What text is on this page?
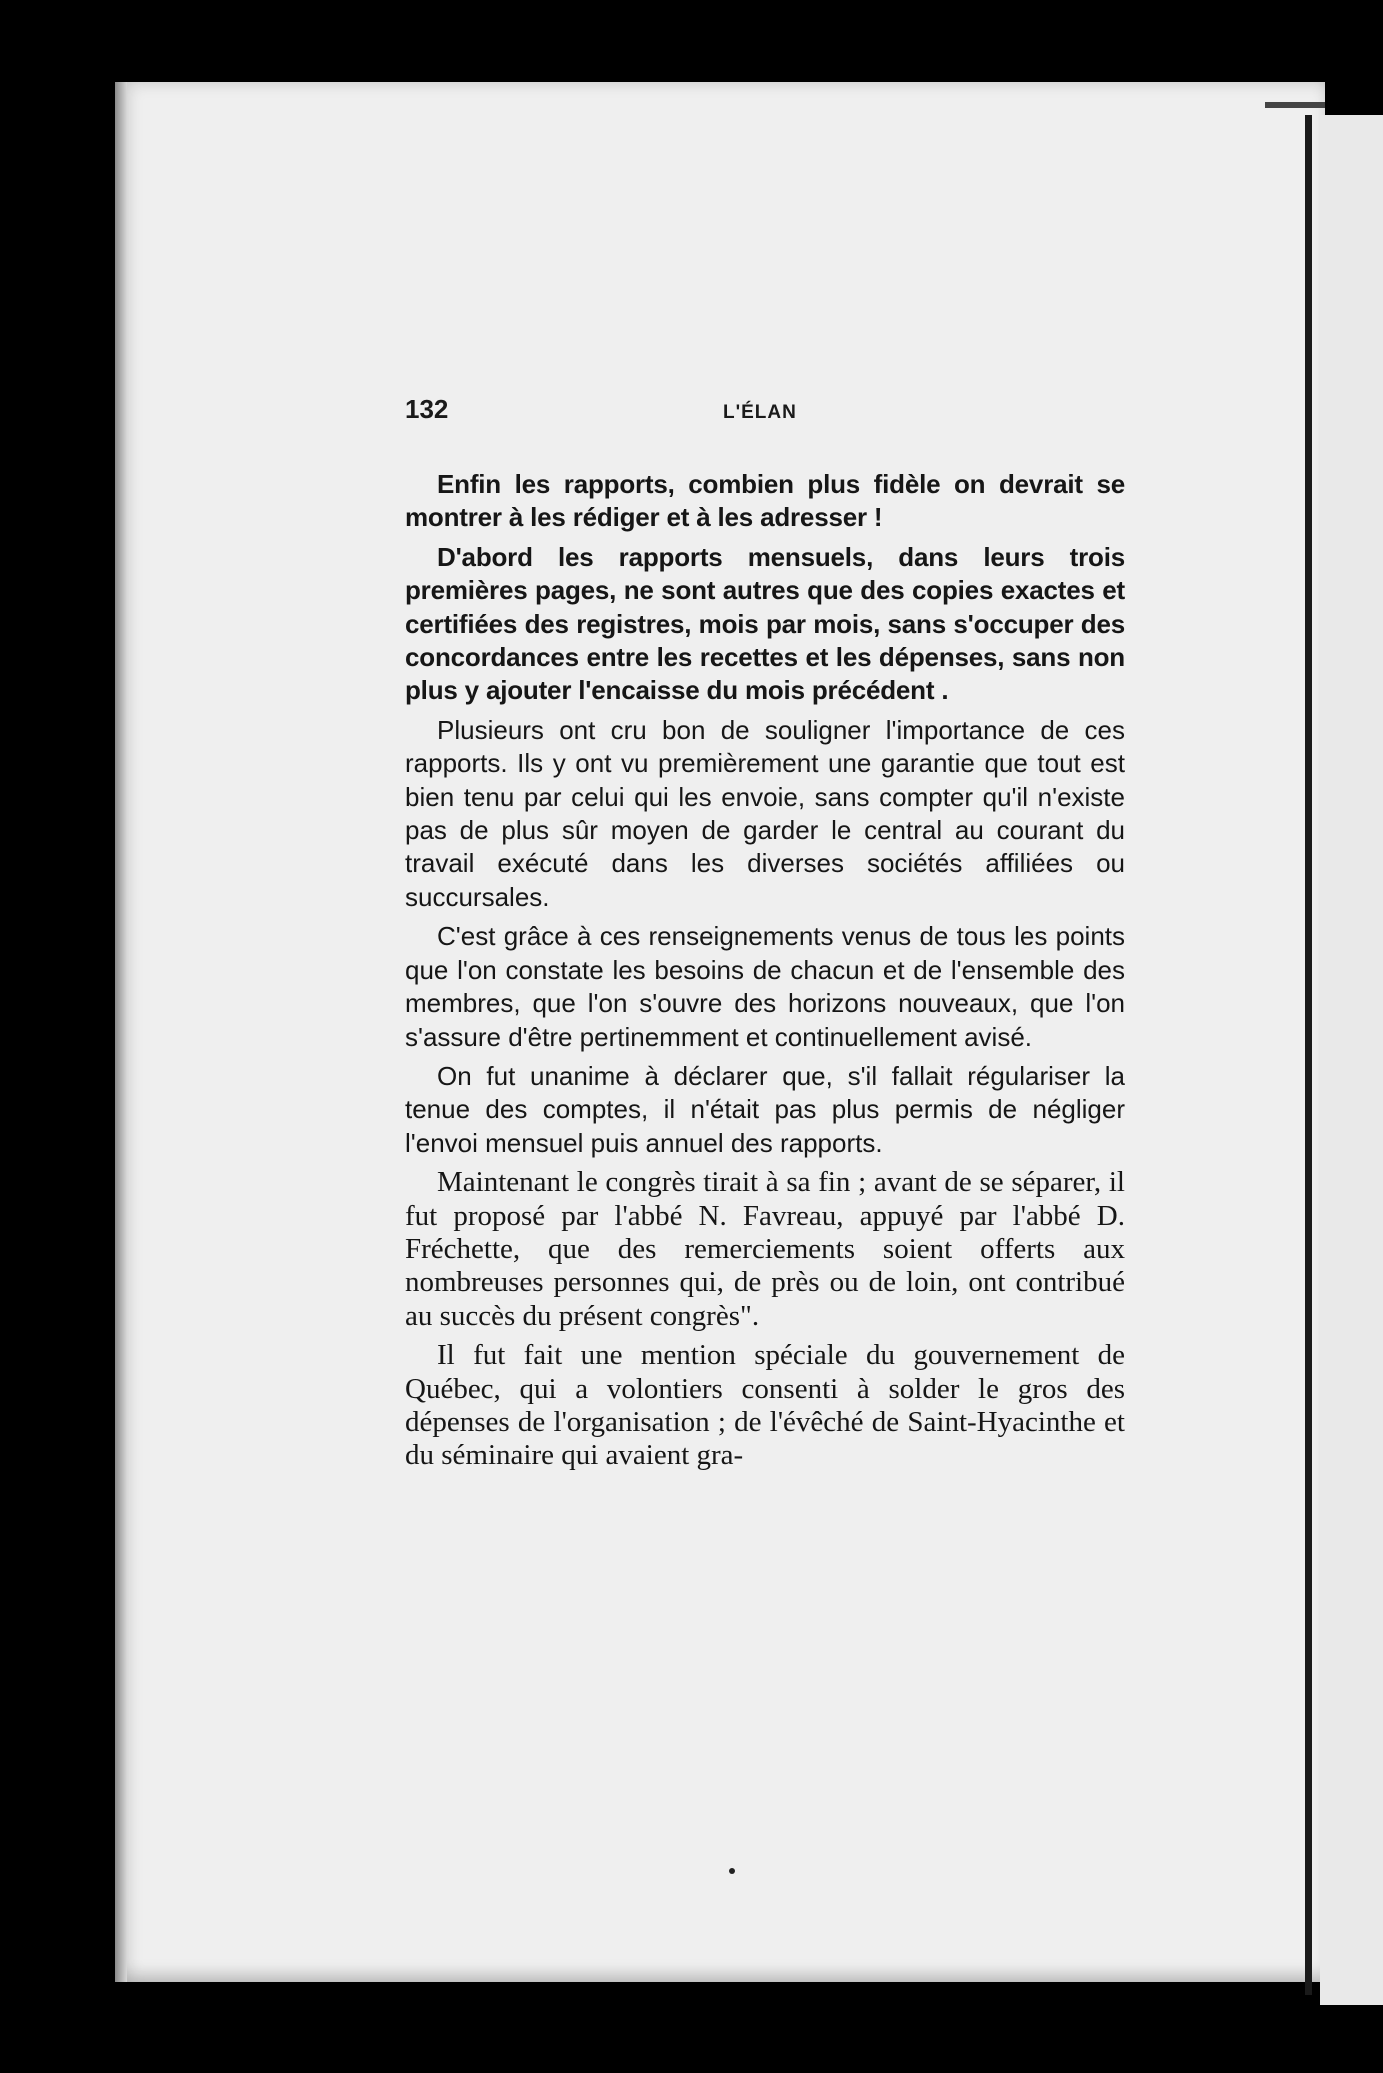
132	L'ÉLAN

Enfin les rapports, combien plus fidèle on devrait se montrer à les rédiger et à les adresser !

D'abord les rapports mensuels, dans leurs trois premières pages, ne sont autres que des copies exactes et certifiées des registres, mois par mois, sans s'occuper des concordances entre les recettes et les dépenses, sans non plus y ajouter l'encaisse du mois précédent .

Plusieurs ont cru bon de souligner l'importance de ces rapports. Ils y ont vu premièrement une garantie que tout est bien tenu par celui qui les envoie, sans compter qu'il n'existe pas de plus sûr moyen de garder le central au courant du travail exécuté dans les diverses sociétés affiliées ou succursales.

C'est grâce à ces renseignements venus de tous les points que l'on constate les besoins de chacun et de l'ensemble des membres, que l'on s'ouvre des horizons nouveaux, que l'on s'assure d'être pertinemment et continuellement avisé.

On fut unanime à déclarer que, s'il fallait régulariser la tenue des comptes, il n'était pas plus permis de négliger l'envoi mensuel puis annuel des rapports.

Maintenant le congrès tirait à sa fin ; avant de se séparer, il fut proposé par l'abbé N. Favreau, appuyé par l'abbé D. Fréchette, que des remerciements soient offerts aux nombreuses personnes qui, de près ou de loin, ont contribué au succès du présent congrès".

Il fut fait une mention spéciale du gouvernement de Québec, qui a volontiers consenti à solder le gros des dépenses de l'organisation ; de l'évêché de Saint-Hyacinthe et du séminaire qui avaient gra-
